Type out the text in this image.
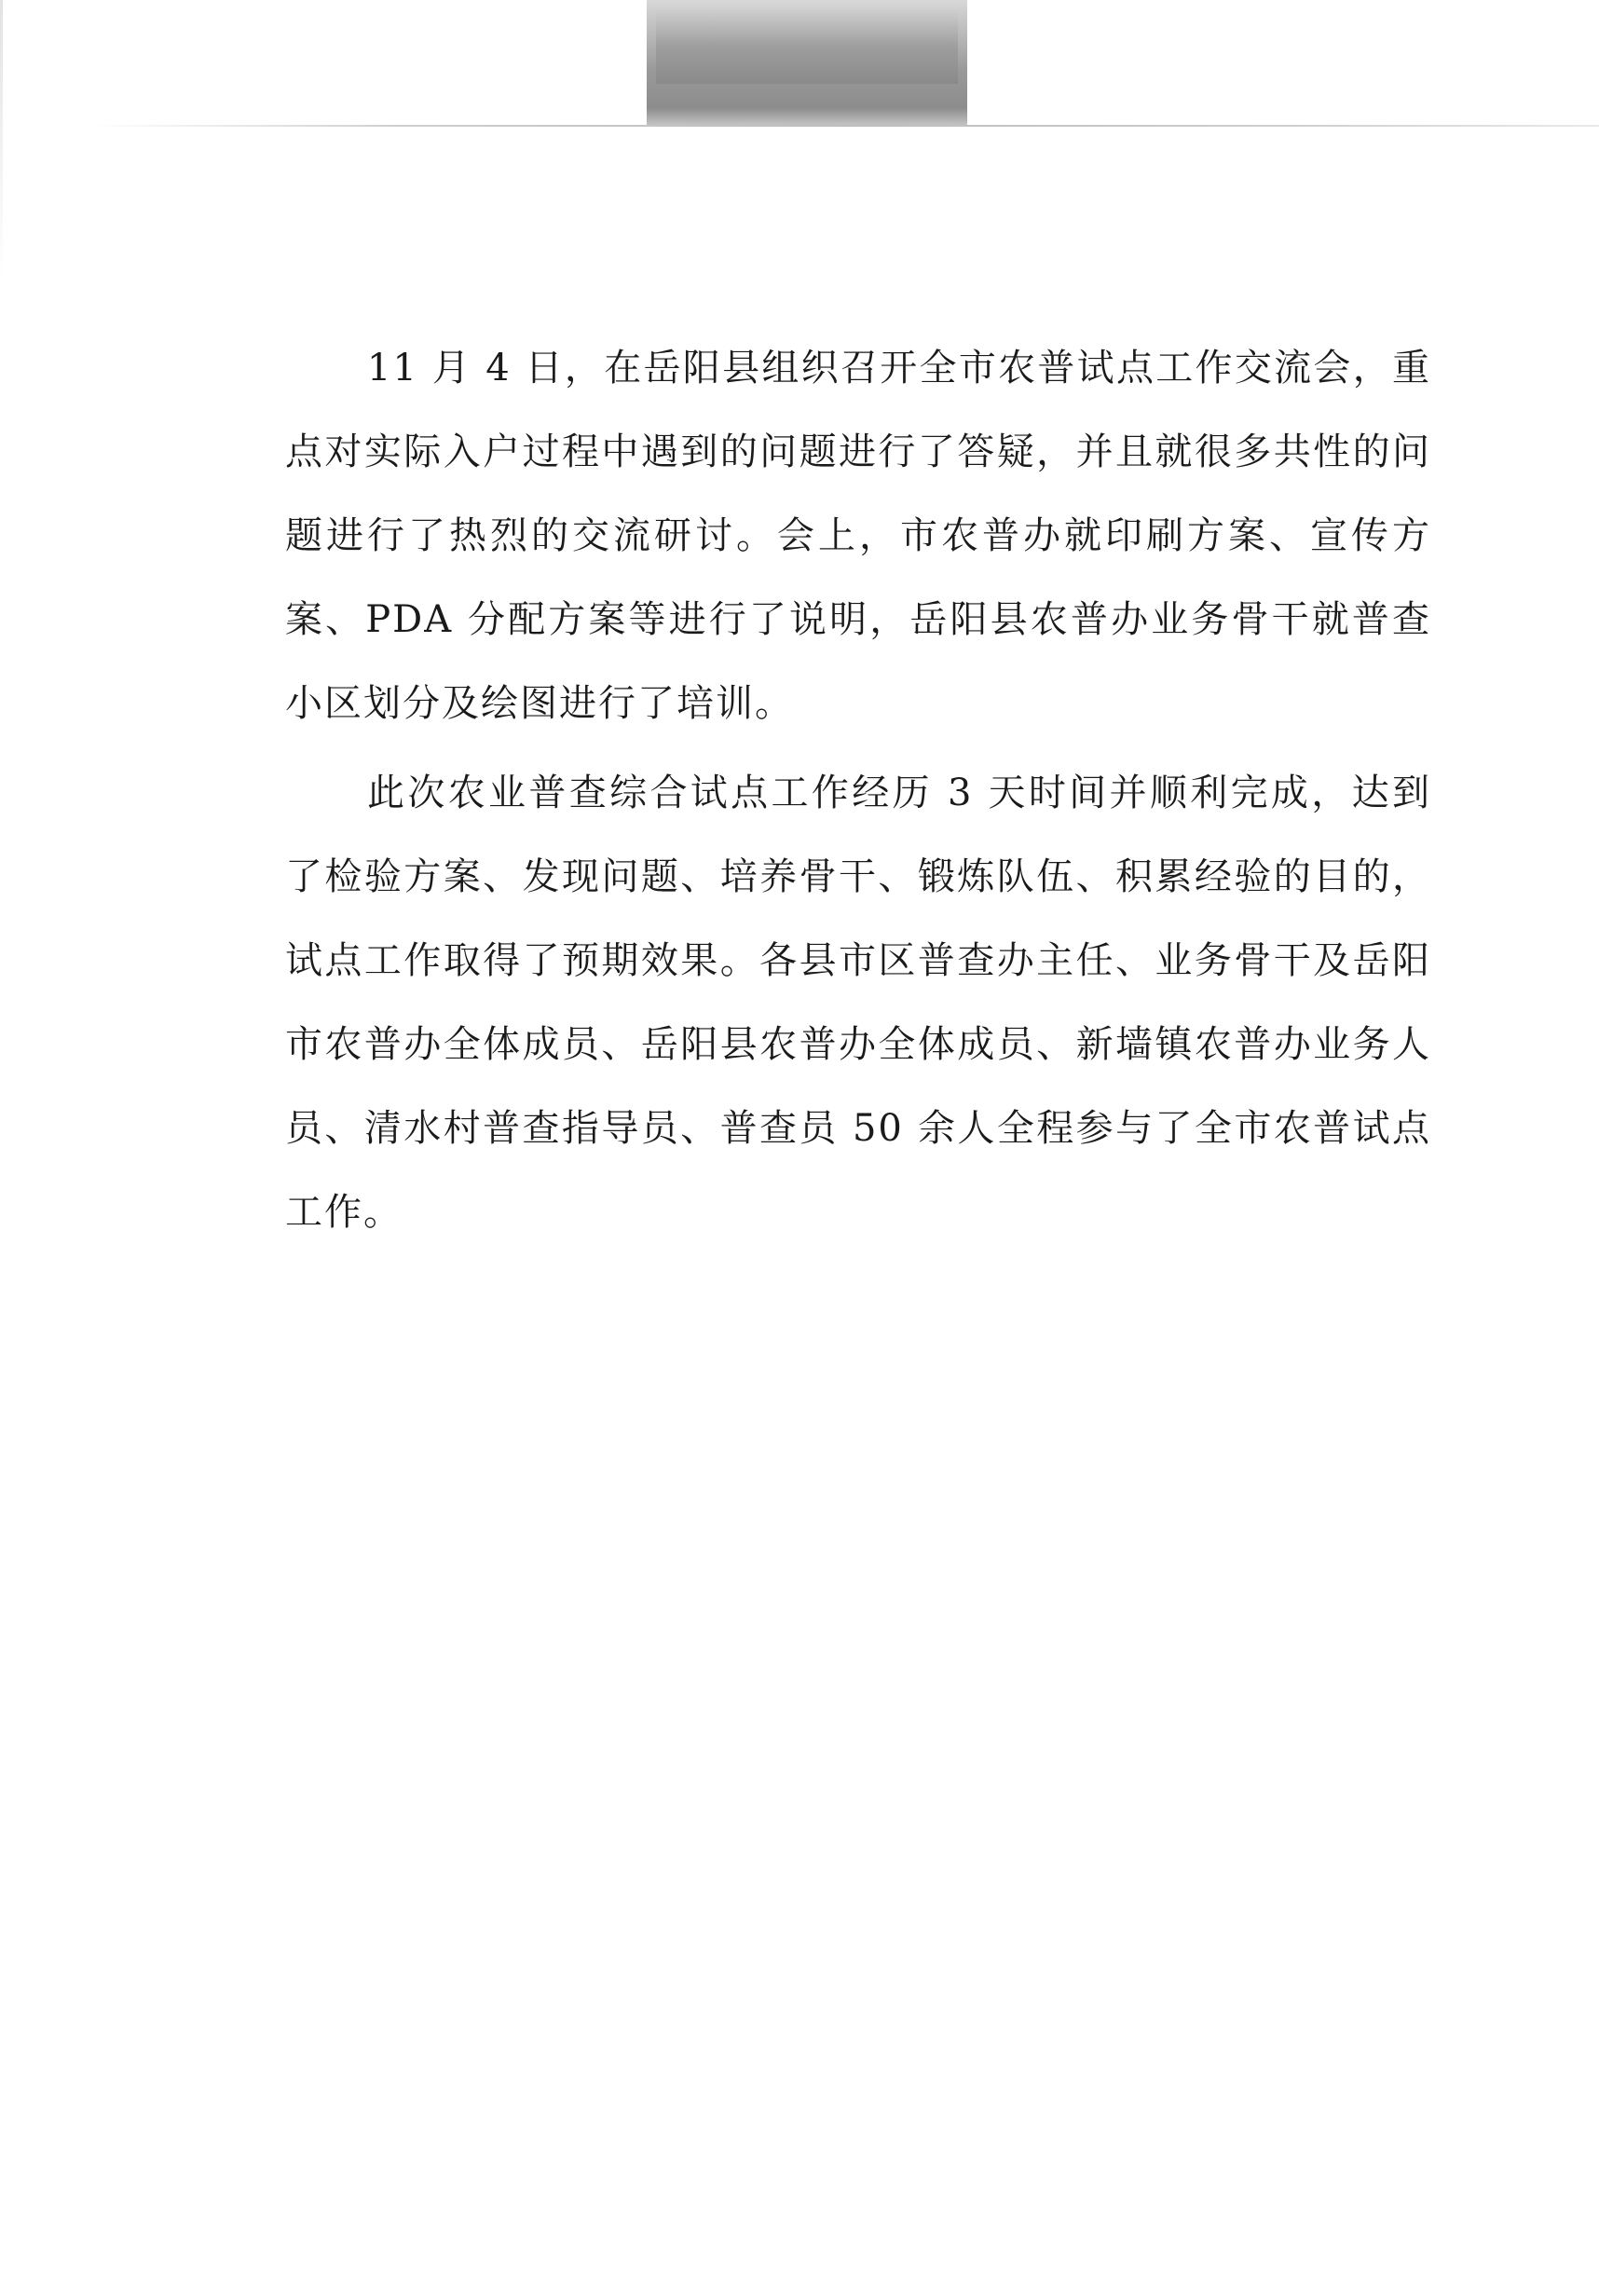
11 月 4 日，在岳阳县组织召开全市农普试点工作交流会，重点对实际入户过程中遇到的问题进行了答疑，并且就很多共性的问题进行了热烈的交流研讨。会上，市农普办就印刷方案、宣传方案、PDA 分配方案等进行了说明，岳阳县农普办业务骨干就普查小区划分及绘图进行了培训。

此次农业普查综合试点工作经历 3 天时间并顺利完成，达到了检验方案、发现问题、培养骨干、锻炼队伍、积累经验的目的，试点工作取得了预期效果。各县市区普查办主任、业务骨干及岳阳市农普办全体成员、岳阳县农普办全体成员、新墙镇农普办业务人员、清水村普查指导员、普查员 50 余人全程参与了全市农普试点工作。
